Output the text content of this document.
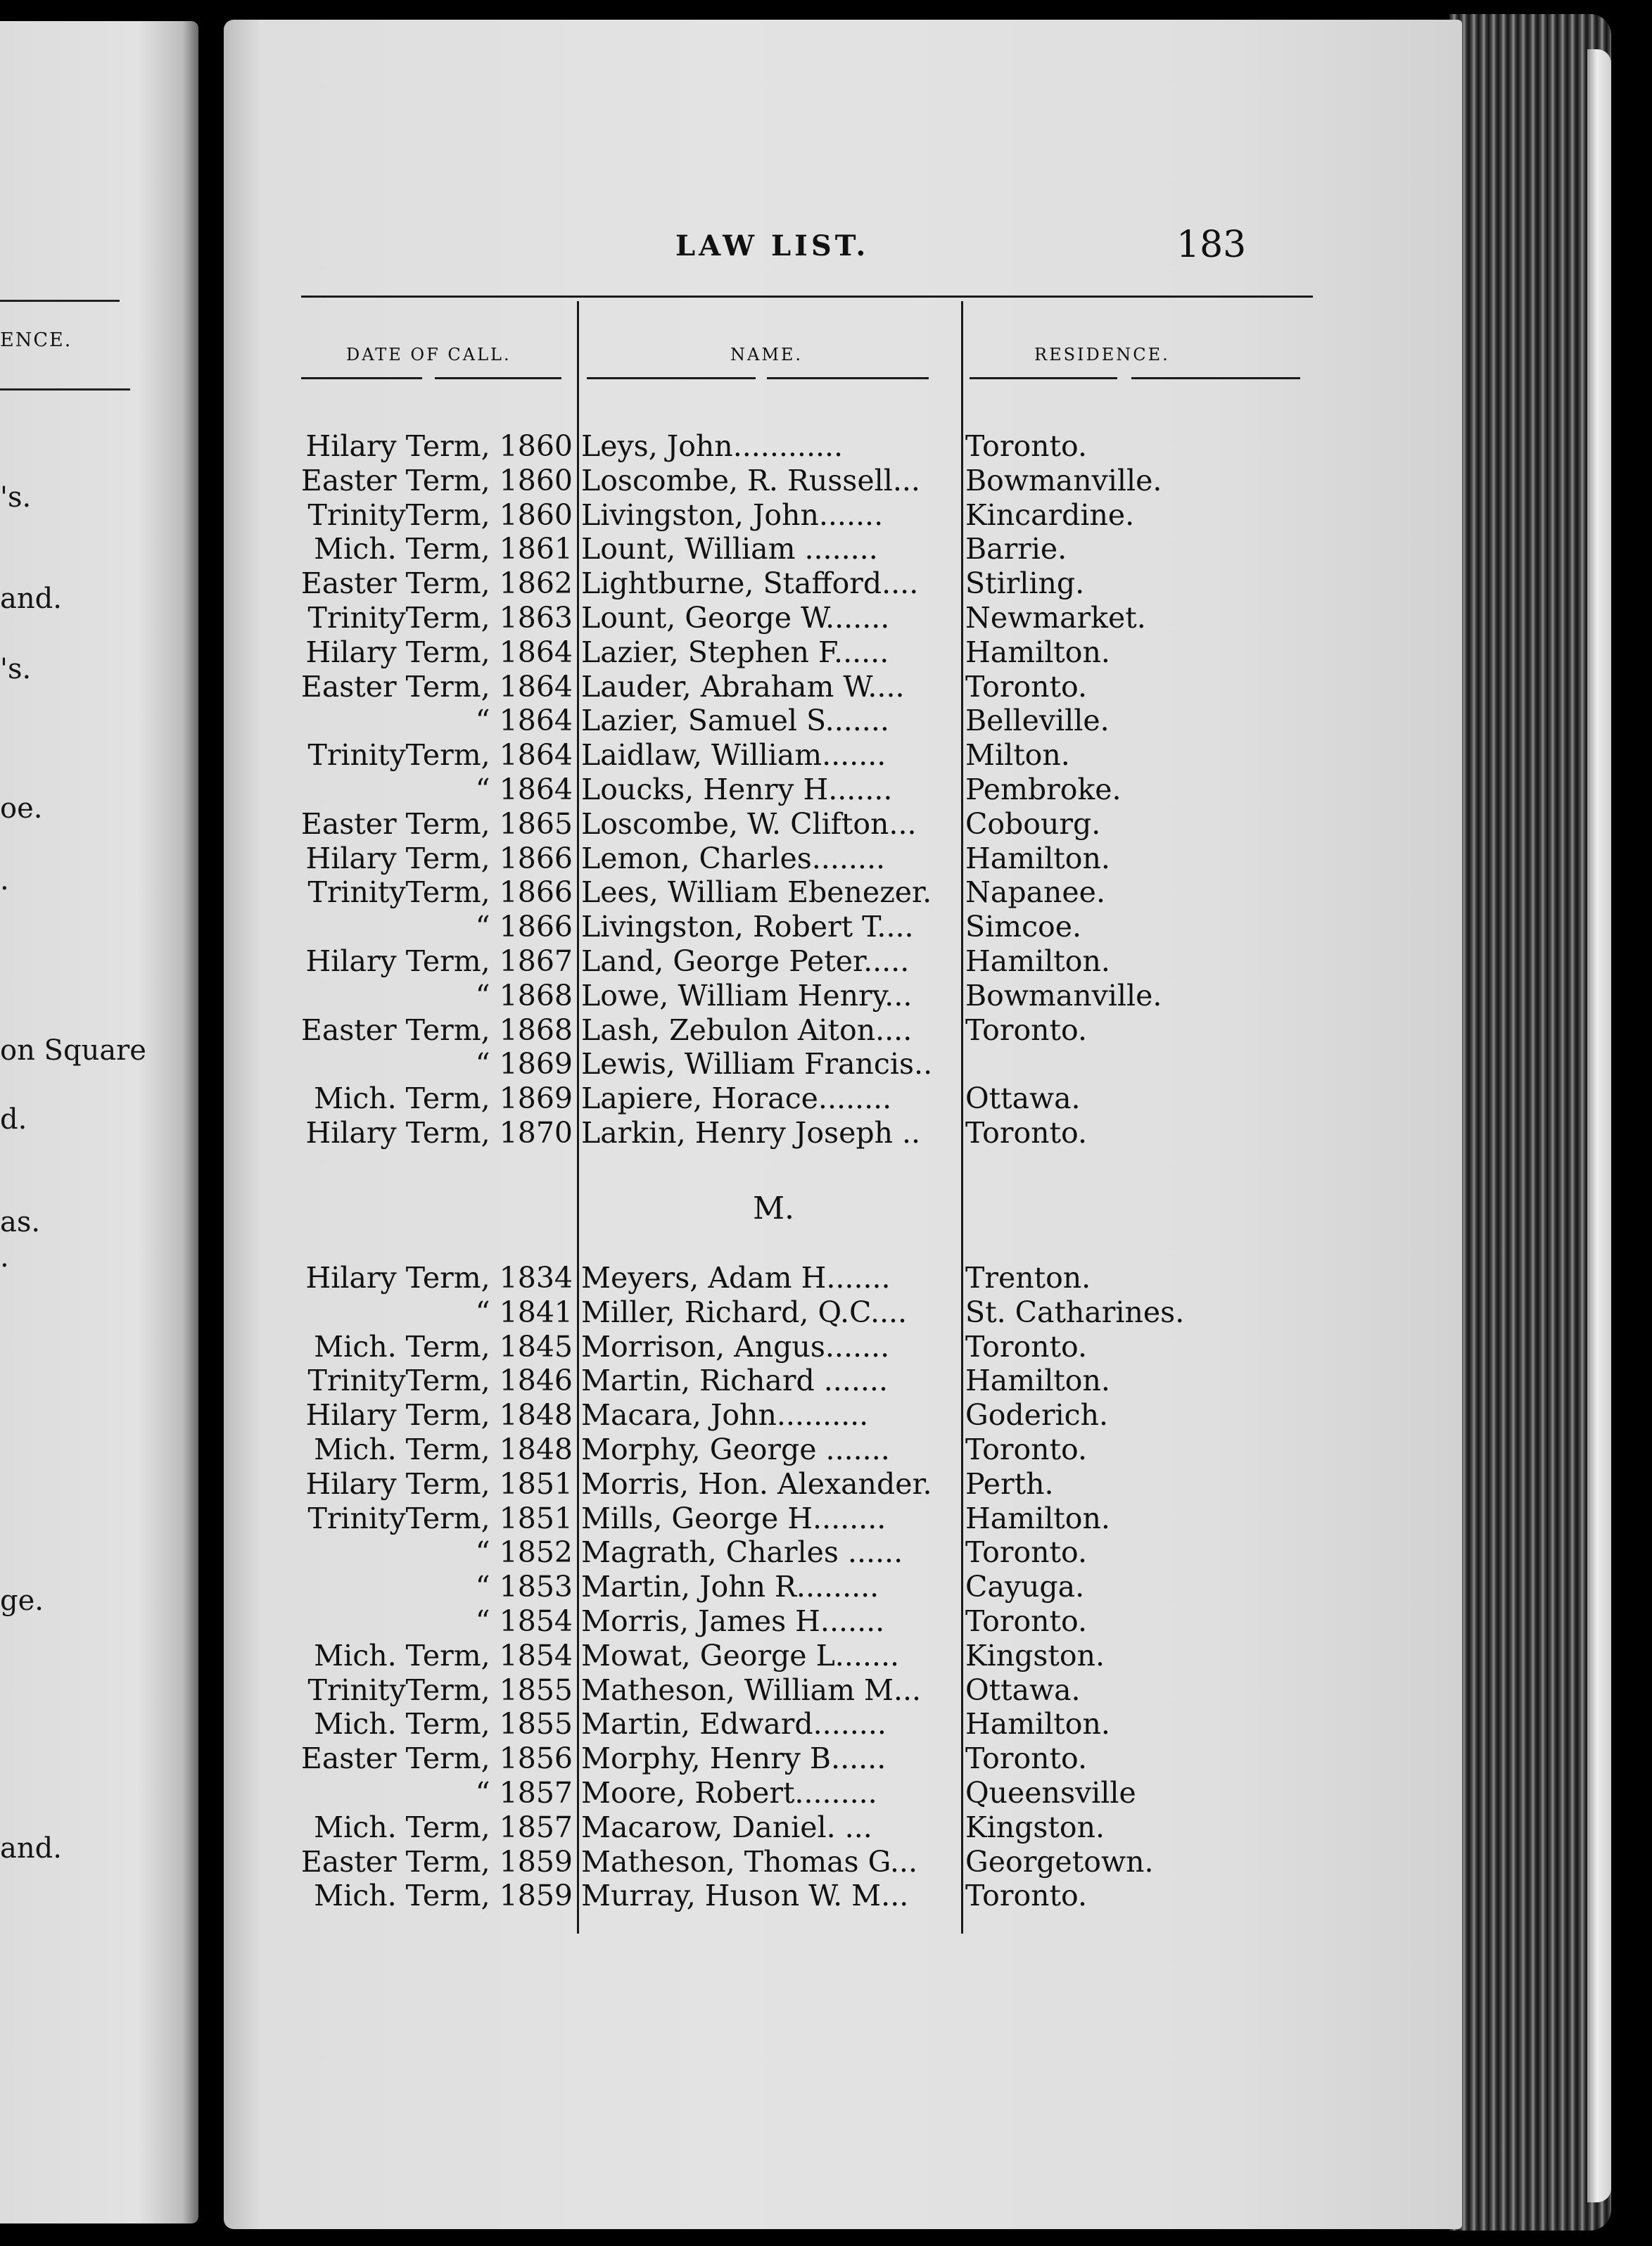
ENCE.
's.
and.
's.
oe.
.
on Square
d.
as.
.
ge.
and.
LAW LIST.	183
DATE OF CALL.	NAME.	RESIDENCE.
M.
Hilary Term, 1860 Leys, John............	Toronto.
Easter Term, 1860 Loscombe, R. Russell...	Bowmanville.
TrinityTerm, 1860 Livingston, John.......	Kincardine.
Mich. Term, 1861 Lount, William ........	Barrie.
Easter Term, 1862 Lightburne, Stafford....	Stirling.
TrinityTerm, 1863 Lount, George W.......	Newmarket.
Hilary Term, 1864 Lazier, Stephen F......	Hamilton.
Easter Term, 1864 Lauder, Abraham W....	Toronto.
“ 1864 Lazier, Samuel S.......	Belleville.
TrinityTerm, 1864 Laidlaw, William.......	Milton.
“ 1864 Loucks, Henry H.......	Pembroke.
Easter Term, 1865 Loscombe, W. Clifton...	Cobourg.
Hilary Term, 1866 Lemon, Charles........	Hamilton.
TrinityTerm, 1866 Lees, William Ebenezer.	Napanee.
“ 1866 Livingston, Robert T....	Simcoe.
Hilary Term, 1867 Land, George Peter.....	Hamilton.
“ 1868 Lowe, William Henry...	Bowmanville.
Easter Term, 1868 Lash, Zebulon Aiton....	Toronto.
“ 1869 Lewis, William Francis..
Mich. Term, 1869 Lapiere, Horace........	Ottawa.
Hilary Term, 1870 Larkin, Henry Joseph ..	Toronto.
Hilary Term, 1834 Meyers, Adam H.......	Trenton.
“ 1841 Miller, Richard, Q.C....	St. Catharines.
Mich. Term, 1845 Morrison, Angus.......	Toronto.
TrinityTerm, 1846 Martin, Richard .......	Hamilton.
Hilary Term, 1848 Macara, John..........	Goderich.
Mich. Term, 1848 Morphy, George .......	Toronto.
Hilary Term, 1851 Morris, Hon. Alexander.	Perth.
TrinityTerm, 1851 Mills, George H........	Hamilton.
“ 1852 Magrath, Charles ......	Toronto.
“ 1853 Martin, John R.........	Cayuga.
“ 1854 Morris, James H.......	Toronto.
Mich. Term, 1854 Mowat, George L.......	Kingston.
TrinityTerm, 1855 Matheson, William M...	Ottawa.
Mich. Term, 1855 Martin, Edward........	Hamilton.
Easter Term, 1856 Morphy, Henry B......	Toronto.
“ 1857 Moore, Robert.........	Queensville
Mich. Term, 1857 Macarow, Daniel. ...	Kingston.
Easter Term, 1859 Matheson, Thomas G...	Georgetown.
Mich. Term, 1859 Murray, Huson W. M...	Toronto.
